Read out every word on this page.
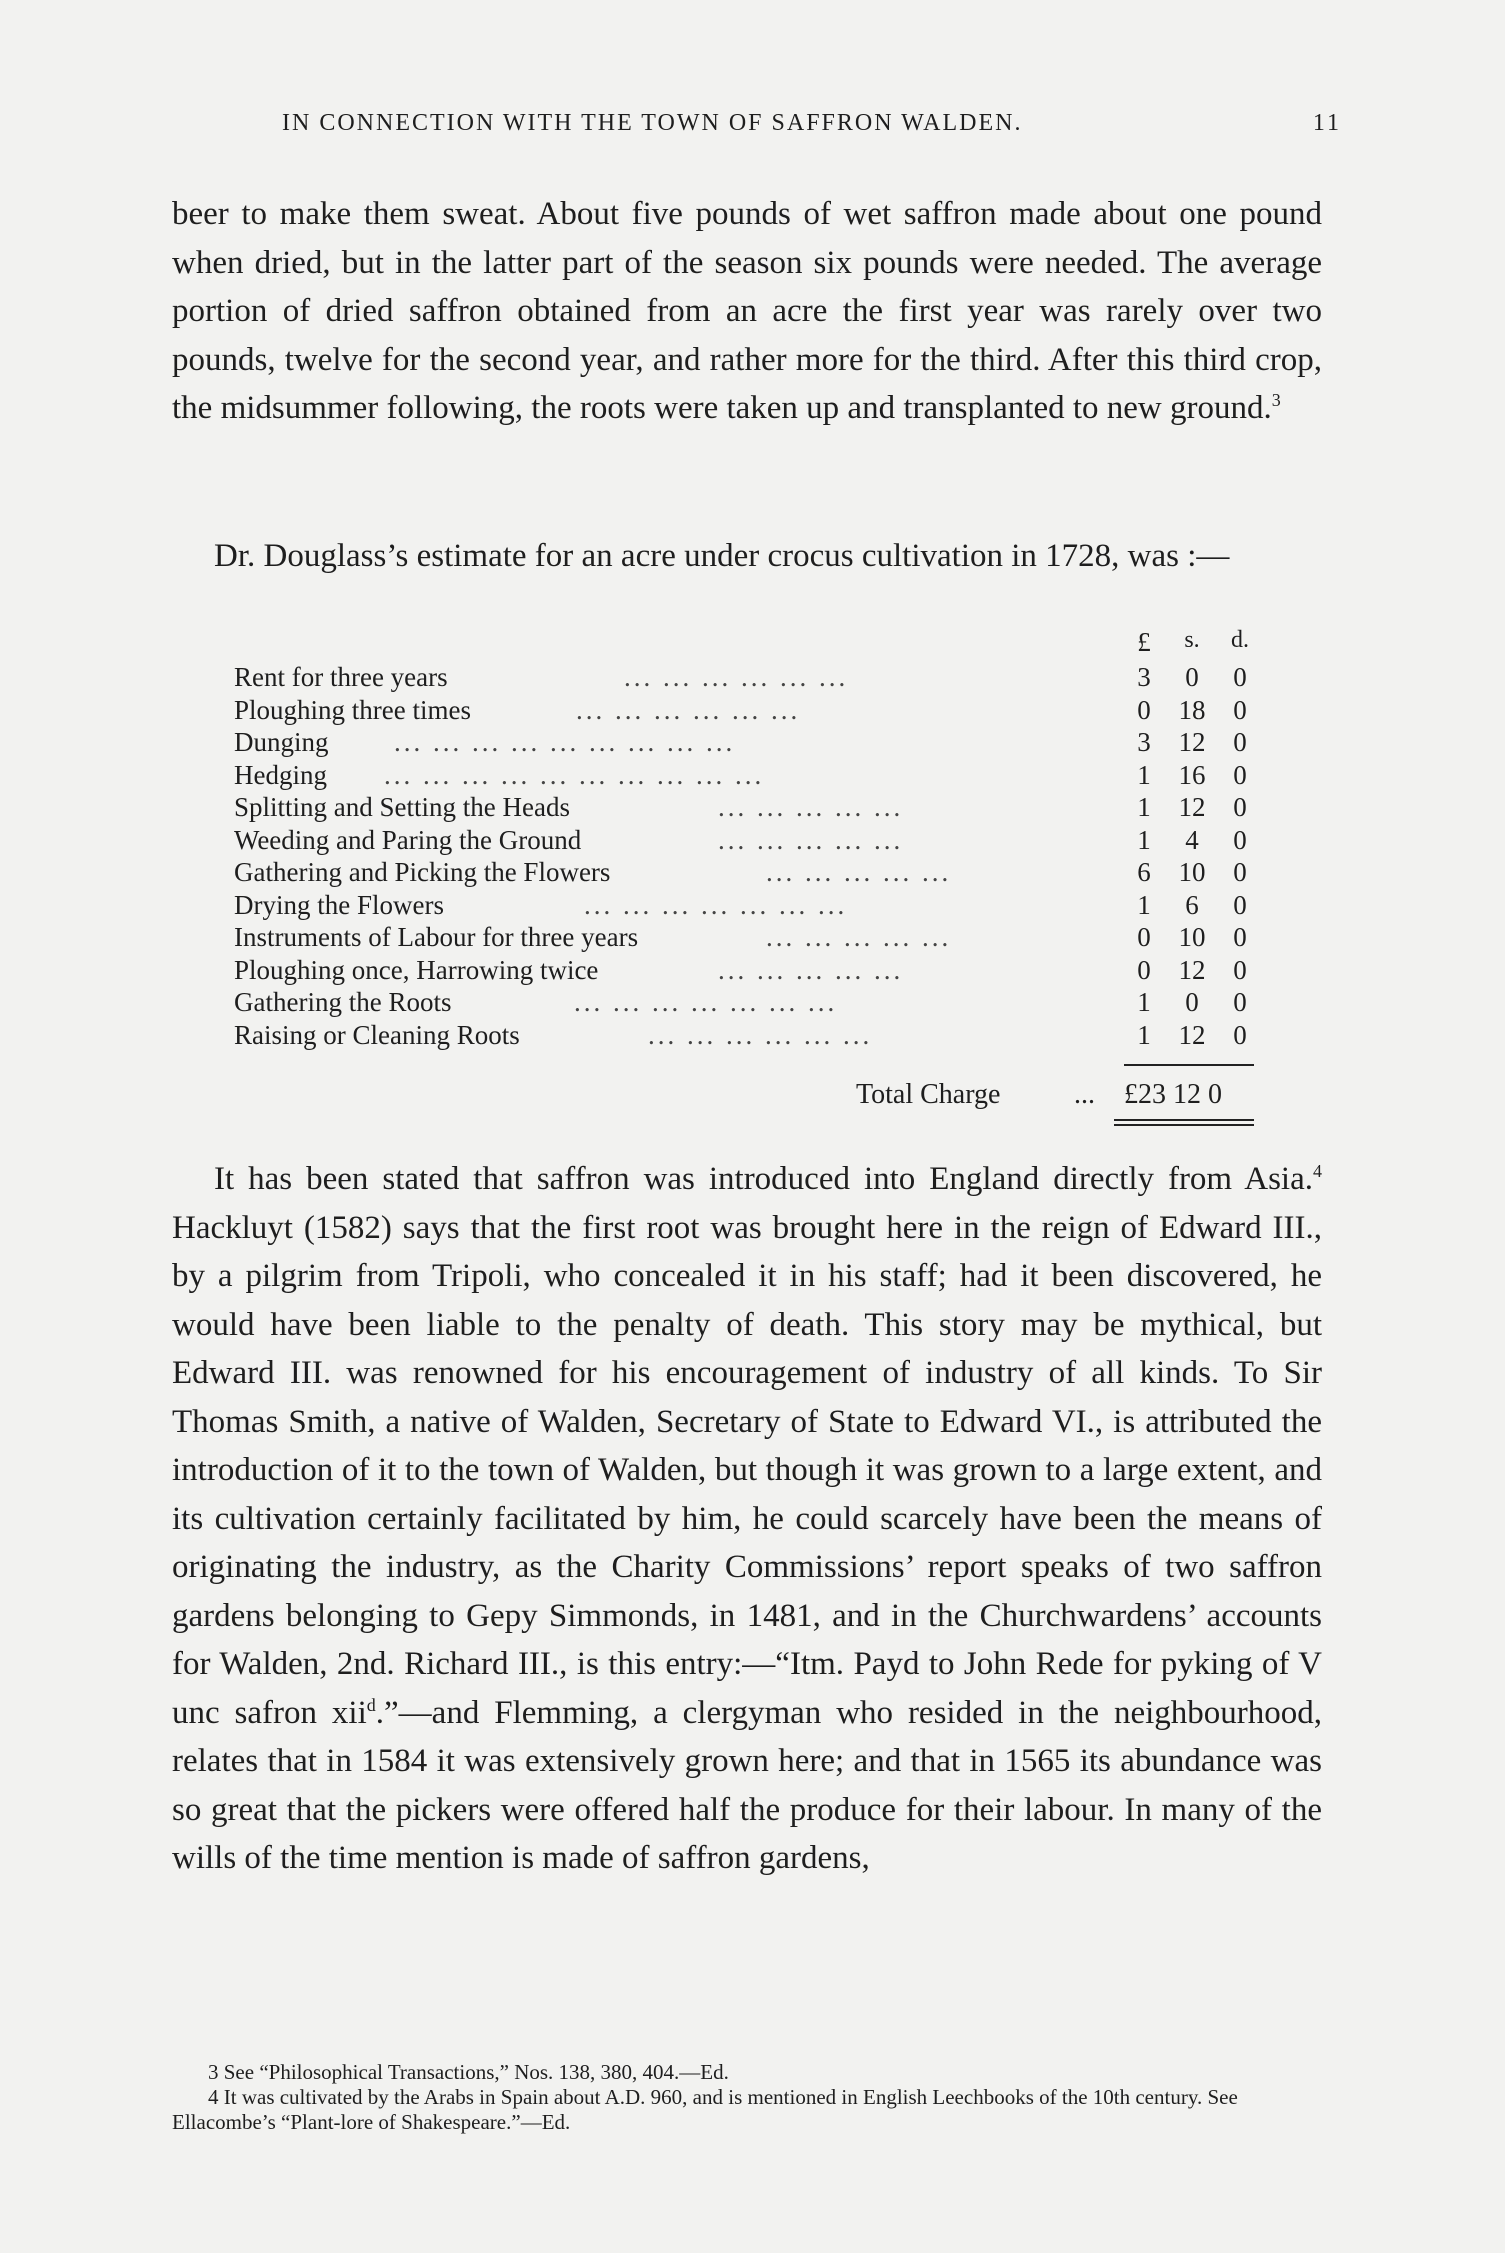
IN CONNECTION WITH THE TOWN OF SAFFRON WALDEN.	11

beer to make them sweat. About five pounds of wet saffron made about one pound when dried, but in the latter part of the season six pounds were needed. The average portion of dried saffron obtained from an acre the first year was rarely over two pounds, twelve for the second year, and rather more for the third. After this third crop, the midsummer following, the roots were taken up and transplanted to new ground.$^3$

Dr. Douglass’s estimate for an acre under crocus cultivation in 1728, was :—

£	s.	d.
Rent for three years	... ... ... ... ... ...	3	0	0
Ploughing three times	... ... ... ... ... ...	0	18	0
Dunging ... ... ... ... ... ... ... ... ...	3	12	0
Hedging ... ... ... ... ... ... ... ... ... ...	1	16	0
Splitting and Setting the Heads	... ... ... ... ...	1	12	0
Weeding and Paring the Ground	... ... ... ... ...	1	4	0
Gathering and Picking the Flowers	... ... ... ... ...	6	10	0
Drying the Flowers	... ... ... ... ... ... ...	1	6	0
Instruments of Labour for three years	... ... ... ... ...	0	10	0
Ploughing once, Harrowing twice	... ... ... ... ...	0	12	0
Gathering the Roots	... ... ... ... ... ... ...	1	0	0
Raising or Cleaning Roots	... ... ... ... ... ...	1	12	0
Total Charge	... £23 12 0

It has been stated that saffron was introduced into England directly from Asia.$^4$ Hackluyt (1582) says that the first root was brought here in the reign of Edward III., by a pilgrim from Tripoli, who concealed it in his staff; had it been discovered, he would have been liable to the penalty of death. This story may be mythical, but Edward III. was renowned for his encouragement of industry of all kinds. To Sir Thomas Smith, a native of Walden, Secretary of State to Edward VI., is attributed the introduction of it to the town of Walden, but though it was grown to a large extent, and its cultivation certainly facilitated by him, he could scarcely have been the means of originating the industry, as the Charity Commissions’ report speaks of two saffron gardens belonging to Gepy Simmonds, in 1481, and in the Churchwardens’ accounts for Walden, 2nd. Richard III., is this entry:—“Itm. Payd to John Rede for pyking of V unc safron xii$^d$.”—and Flemming, a clergyman who resided in the neighbourhood, relates that in 1584 it was extensively grown here; and that in 1565 its abundance was so great that the pickers were offered half the produce for their labour. In many of the wills of the time mention is made of saffron gardens,

3 See “Philosophical Transactions,” Nos. 138, 380, 404.—Ed.

4 It was cultivated by the Arabs in Spain about A.D. 960, and is mentioned in English Leechbooks of the 10th century. See Ellacombe’s “Plant-lore of Shakespeare.”—Ed.
